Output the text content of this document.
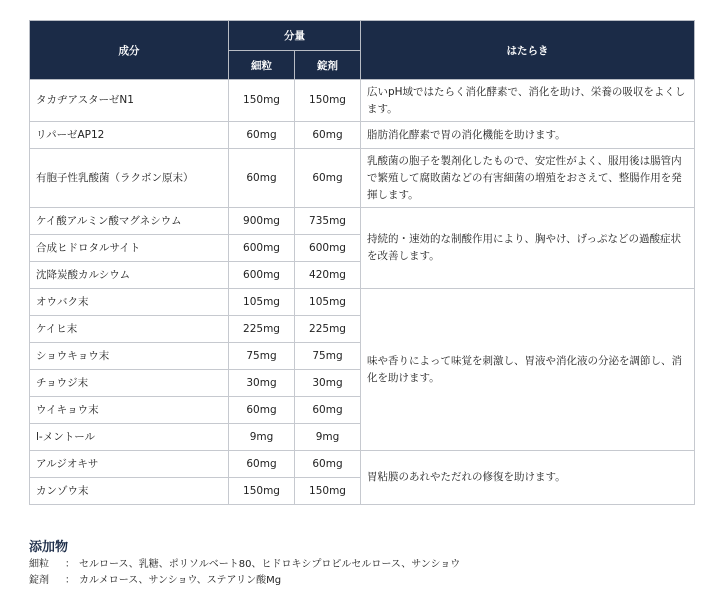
成分	分量		はたらき
	細粒	錠剤	
タカヂアスターゼN1	150mg	150mg	広いpH域ではたらく消化酵素で、消化を助け、栄養の吸収をよくします。
リパーゼAP12	60mg	60mg	脂肪消化酵素で胃の消化機能を助けます。
有胞子性乳酸菌（ラクボン原末）	60mg	60mg	乳酸菌の胞子を製剤化したもので、安定性がよく、服用後は腸管内で繁殖して腐敗菌などの有害細菌の増殖をおさえて、整腸作用を発揮します。
ケイ酸アルミン酸マグネシウム	900mg	735mg	持続的・速効的な制酸作用により、胸やけ、げっぷなどの過酸症状を改善します。
合成ヒドロタルサイト	600mg	600mg	
沈降炭酸カルシウム	600mg	420mg	
オウバク末	105mg	105mg	味や香りによって味覚を刺激し、胃液や消化液の分泌を調節し、消化を助けます。
ケイヒ末	225mg	225mg	
ショウキョウ末	75mg	75mg	
チョウジ末	30mg	30mg	
ウイキョウ末	60mg	60mg	
l-メントール	9mg	9mg	
アルジオキサ	60mg	60mg	胃粘膜のあれやただれの修復を助けます。
カンゾウ末	150mg	150mg	
添加物
細粒	： セルロース、乳糖、ポリソルベート80、ヒドロキシプロピルセルロース、サンショウ
錠剤	： カルメロース、サンショウ、ステアリン酸Mg
